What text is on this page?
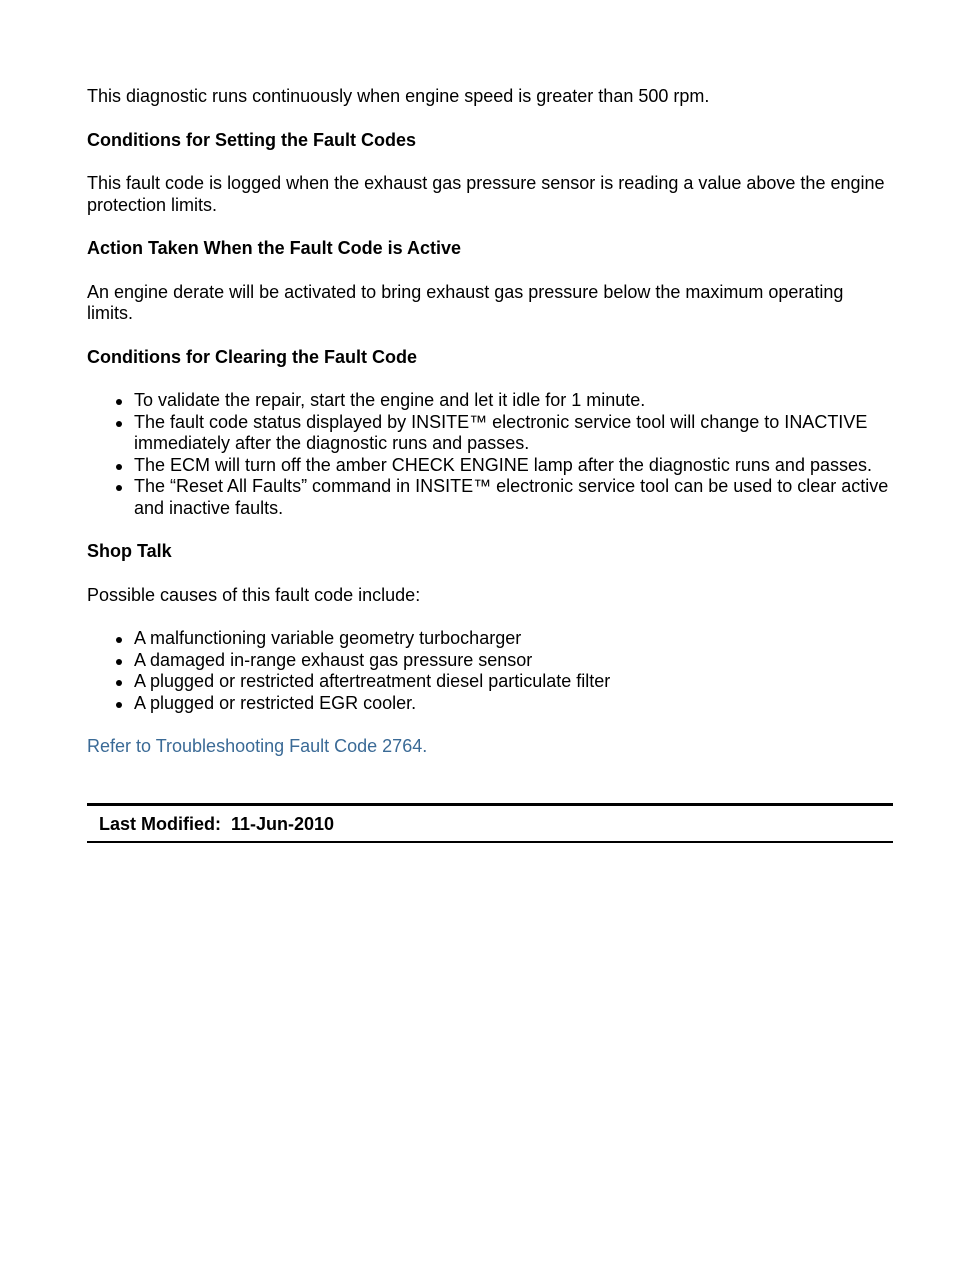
This diagnostic runs continuously when engine speed is greater than 500 rpm.

Conditions for Setting the Fault Codes

This fault code is logged when the exhaust gas pressure sensor is reading a value above the engine protection limits.

Action Taken When the Fault Code is Active

An engine derate will be activated to bring exhaust gas pressure below the maximum operating limits.

Conditions for Clearing the Fault Code
To validate the repair, start the engine and let it idle for 1 minute.
The fault code status displayed by INSITE™ electronic service tool will change to INACTIVE immediately after the diagnostic runs and passes.
The ECM will turn off the amber CHECK ENGINE lamp after the diagnostic runs and passes.
The “Reset All Faults” command in INSITE™ electronic service tool can be used to clear active and inactive faults.
Shop Talk

Possible causes of this fault code include:

A malfunctioning variable geometry turbocharger
A damaged in-range exhaust gas pressure sensor
A plugged or restricted aftertreatment diesel particulate filter
A plugged or restricted EGR cooler.
Refer to Troubleshooting Fault Code 2764.
Last Modified:  11-Jun-2010
